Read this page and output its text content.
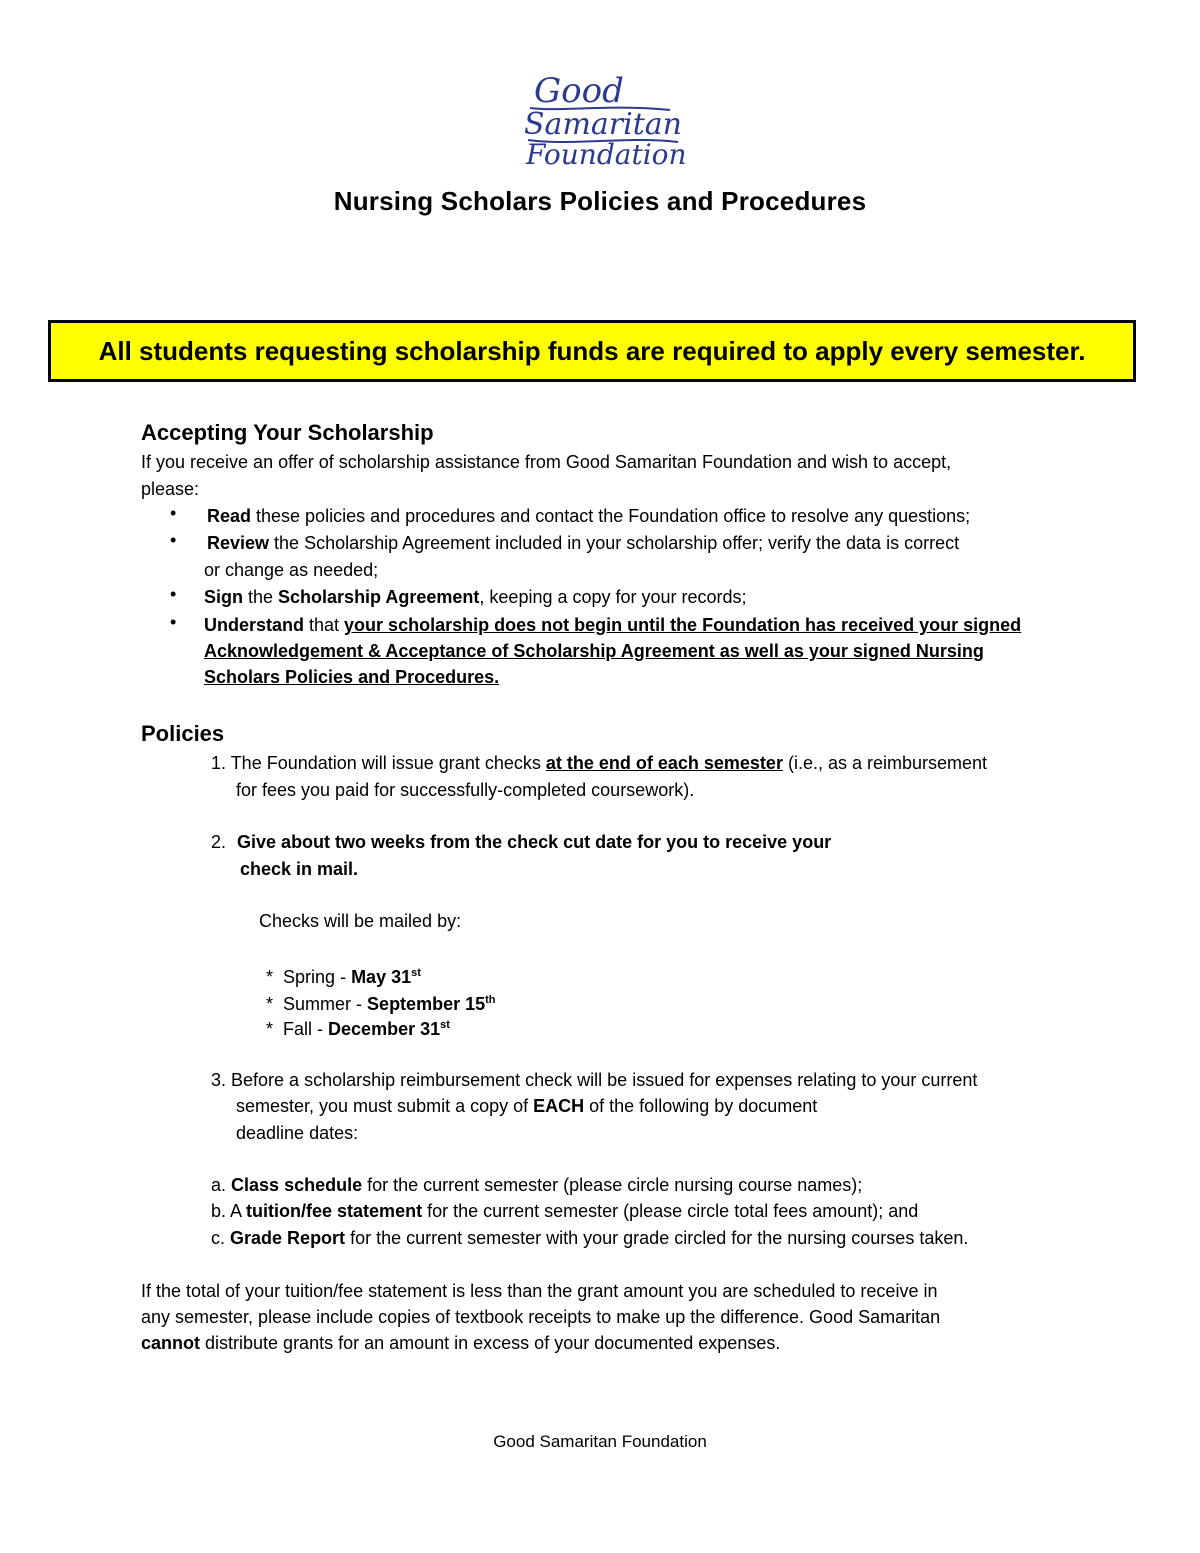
Good
Samaritan
Foundation
Nursing Scholars Policies and Procedures
All students requesting scholarship funds are required to apply every semester.
Accepting Your Scholarship
If you receive an offer of scholarship assistance from Good Samaritan Foundation and wish to accept,
please:
• Read these policies and procedures and contact the Foundation office to resolve any questions;
• Review the Scholarship Agreement included in your scholarship offer; verify the data is correct
or change as needed;
• Sign the Scholarship Agreement, keeping a copy for your records;
• Understand that your scholarship does not begin until the Foundation has received your signed
Acknowledgement & Acceptance of Scholarship Agreement as well as your signed Nursing
Scholars Policies and Procedures.
Policies
1. The Foundation will issue grant checks at the end of each semester (i.e., as a reimbursement
for fees you paid for successfully-completed coursework).
2. Give about two weeks from the check cut date for you to receive your
check in mail.
Checks will be mailed by:
* Spring - May 31st
* Summer - September 15th
* Fall - December 31st
3. Before a scholarship reimbursement check will be issued for expenses relating to your current
semester, you must submit a copy of EACH of the following by document
deadline dates:
a. Class schedule for the current semester (please circle nursing course names);
b. A tuition/fee statement for the current semester (please circle total fees amount); and
c. Grade Report for the current semester with your grade circled for the nursing courses taken.
If the total of your tuition/fee statement is less than the grant amount you are scheduled to receive in
any semester, please include copies of textbook receipts to make up the difference. Good Samaritan
cannot distribute grants for an amount in excess of your documented expenses.
Good Samaritan Foundation
